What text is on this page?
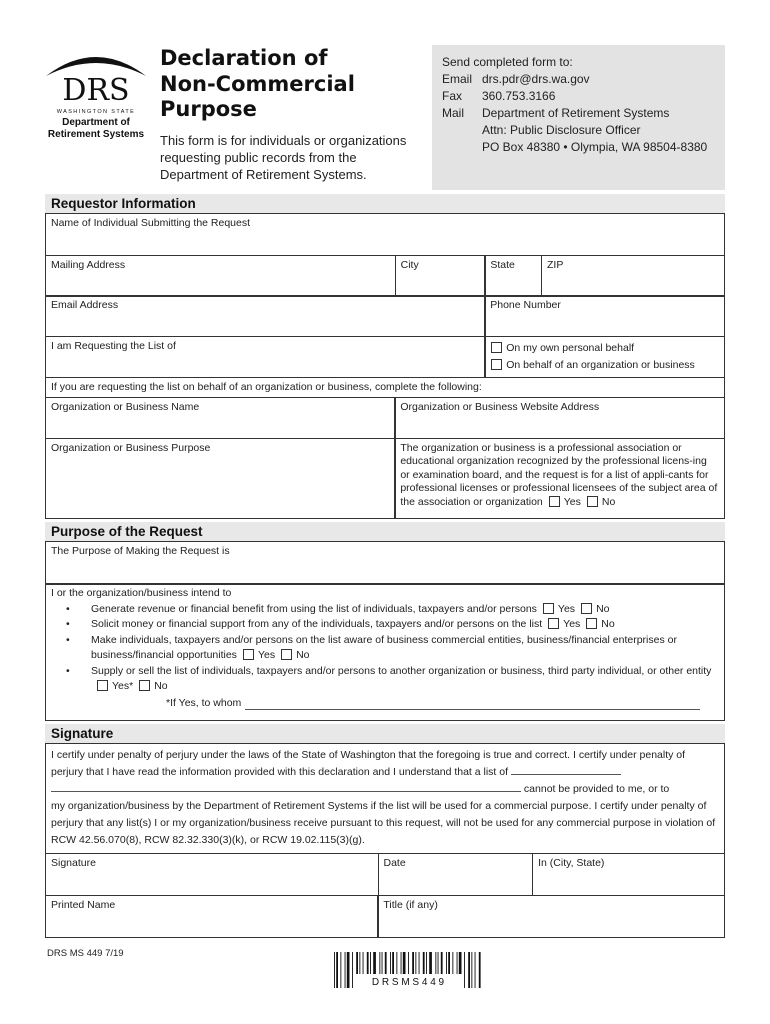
DRS
WASHINGTON STATE
Department of
Retirement Systems
Declaration of
Non-Commercial
Purpose
This form is for individuals or organizations requesting public records from the Department of Retirement Systems.
Send completed form to:
Email drs.pdr@drs.wa.gov
Fax	360.753.3166
Mail	Department of Retirement Systems
Attn: Public Disclosure Officer
PO Box 48380 • Olympia, WA 98504-8380
Requestor Information
Name of Individual Submitting the Request
Mailing Address	City	State	ZIP
Email Address	Phone Number
I am Requesting the List of	On my own personal behalf
On behalf of an organization or business
If you are requesting the list on behalf of an organization or business, complete the following:
Organization or Business Name	Organization or Business Website Address
Organization or Business Purpose	The organization or business is a professional association or educational organization recognized by the professional licens-ing or examination board, and the request is for a list of appli-cants for professional licenses or professional licensees of the subject area of the association or organization Yes No
Purpose of the Request
The Purpose of Making the Request is
I or the organization/business intend to
• Generate revenue or financial benefit from using the list of individuals, taxpayers and/or persons Yes No
• Solicit money or financial support from any of the individuals, taxpayers and/or persons on the list Yes No
• Make individuals, taxpayers and/or persons on the list aware of business commercial entities, business/financial enterprises or business/financial opportunities Yes No
• Supply or sell the list of individuals, taxpayers and/or persons to another organization or business, third party individual, or other entityYes* No
*If Yes, to whom
Signature
I certify under penalty of perjury under the laws of the State of Washington that the foregoing is true and correct. I certify under penalty of perjury that I have read the information provided with this declaration and I understand that a list of
cannot be provided to me, or to
my organization/business by the Department of Retirement Systems if the list will be used for a commercial purpose. I certify under penalty of perjury that any list(s) I or my organization/business receive pursuant to this request, will not be used for any commercial purpose in violation of RCW 42.56.070(8), RCW 82.32.330(3)(k), or RCW 19.02.115(3)(g).
Signature	Date	In (City, State)
Printed Name	Title (if any)
DRS MS 449 7/19
D R S M S 4 4 9
